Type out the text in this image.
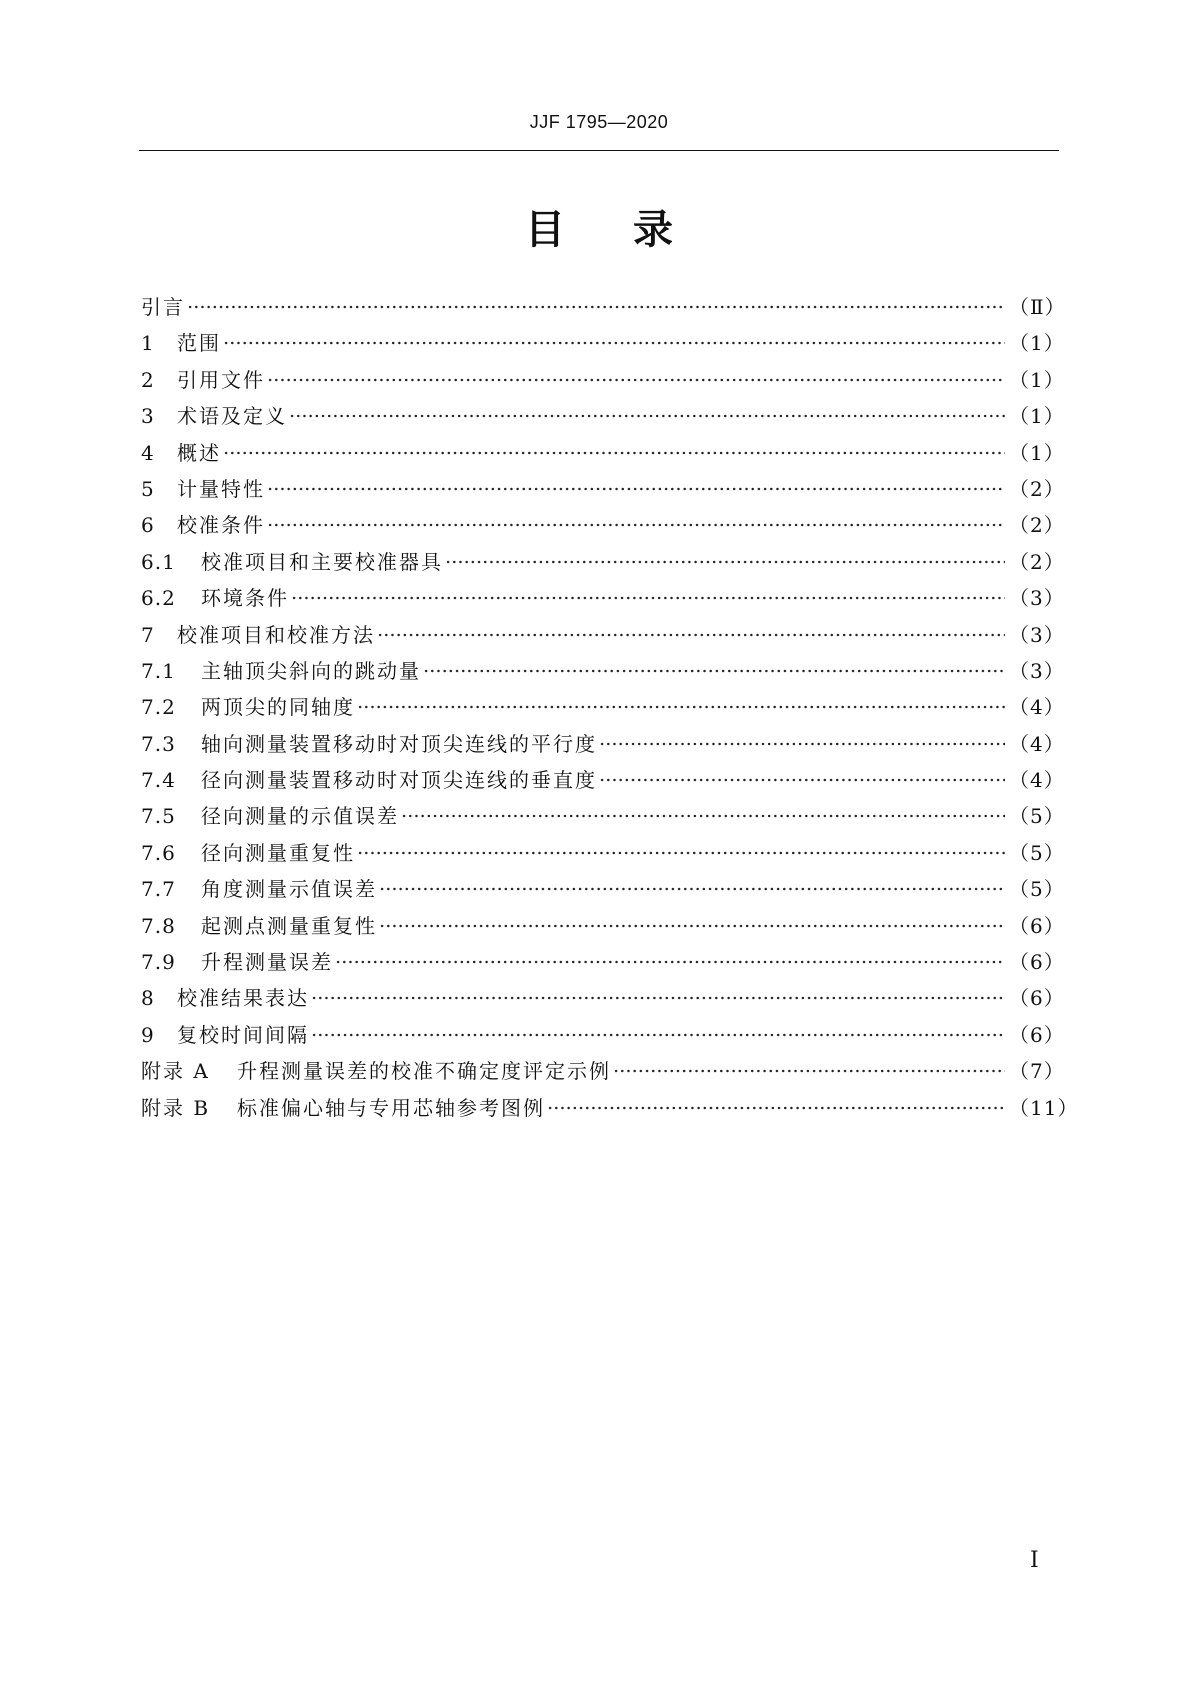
JJF 1795—2020
目录
引言	（Ⅱ）
1	范围	（1）
2	引用文件	（1）
3	术语及定义	（1）
4	概述	（1）
5	计量特性	（2）
6	校准条件	（2）
6.1	校准项目和主要校准器具	（2）
6.2	环境条件	（3）
7	校准项目和校准方法	（3）
7.1	主轴顶尖斜向的跳动量	（3）
7.2	两顶尖的同轴度	（4）
7.3	轴向测量装置移动时对顶尖连线的平行度	（4）
7.4	径向测量装置移动时对顶尖连线的垂直度	（4）
7.5	径向测量的示值误差	（5）
7.6	径向测量重复性	（5）
7.7	角度测量示值误差	（5）
7.8	起测点测量重复性	（6）
7.9	升程测量误差	（6）
8	校准结果表达	（6）
9	复校时间间隔	（6）
附录 A	升程测量误差的校准不确定度评定示例	（7）
附录 B	标准偏心轴与专用芯轴参考图例	（11）
I
